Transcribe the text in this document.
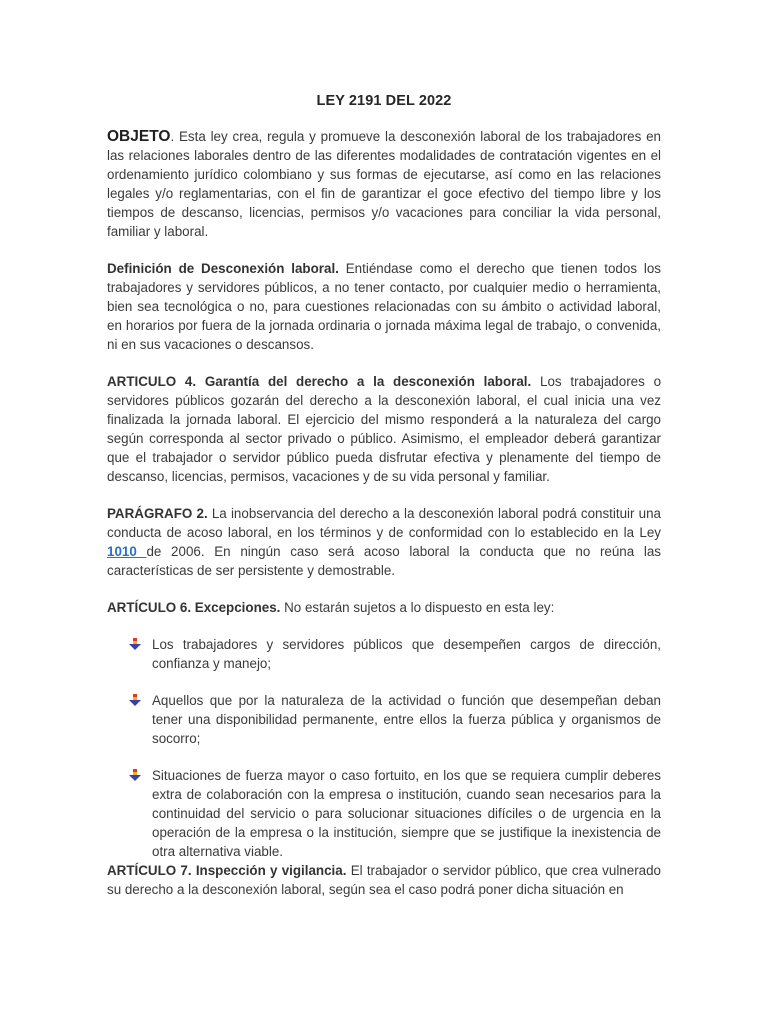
LEY 2191 DEL 2022

OBJETO. Esta ley crea, regula y promueve la desconexión laboral de los trabajadores en las relaciones laborales dentro de las diferentes modalidades de contratación vigentes en el ordenamiento jurídico colombiano y sus formas de ejecutarse, así como en las relaciones legales y/o reglamentarias, con el fin de garantizar el goce efectivo del tiempo libre y los tiempos de descanso, licencias, permisos y/o vacaciones para conciliar la vida personal, familiar y laboral.

Definición de Desconexión laboral. Entiéndase como el derecho que tienen todos los trabajadores y servidores públicos, a no tener contacto, por cualquier medio o herramienta, bien sea tecnológica o no, para cuestiones relacionadas con su ámbito o actividad laboral, en horarios por fuera de la jornada ordinaria o jornada máxima legal de trabajo, o convenida, ni en sus vacaciones o descansos.

ARTICULO 4. Garantía del derecho a la desconexión laboral. Los trabajadores o servidores públicos gozarán del derecho a la desconexión laboral, el cual inicia una vez finalizada la jornada laboral. El ejercicio del mismo responderá a la naturaleza del cargo según corresponda al sector privado o público. Asimismo, el empleador deberá garantizar que el trabajador o servidor público pueda disfrutar efectiva y plenamente del tiempo de descanso, licencias, permisos, vacaciones y de su vida personal y familiar.

PARÁGRAFO 2. La inobservancia del derecho a la desconexión laboral podrá constituir una conducta de acoso laboral, en los términos y de conformidad con lo establecido en la Ley 1010 de 2006. En ningún caso será acoso laboral la conducta que no reúna las características de ser persistente y demostrable.

ARTÍCULO 6. Excepciones. No estarán sujetos a lo dispuesto en esta ley:

Los trabajadores y servidores públicos que desempeñen cargos de dirección, confianza y manejo;
Aquellos que por la naturaleza de la actividad o función que desempeñan deban tener una disponibilidad permanente, entre ellos la fuerza pública y organismos de socorro;
Situaciones de fuerza mayor o caso fortuito, en los que se requiera cumplir deberes extra de colaboración con la empresa o institución, cuando sean necesarios para la continuidad del servicio o para solucionar situaciones difíciles o de urgencia en la operación de la empresa o la institución, siempre que se justifique la inexistencia de otra alternativa viable.

ARTÍCULO 7. Inspección y vigilancia. El trabajador o servidor público, que crea vulnerado su derecho a la desconexión laboral, según sea el caso podrá poner dicha situación en
